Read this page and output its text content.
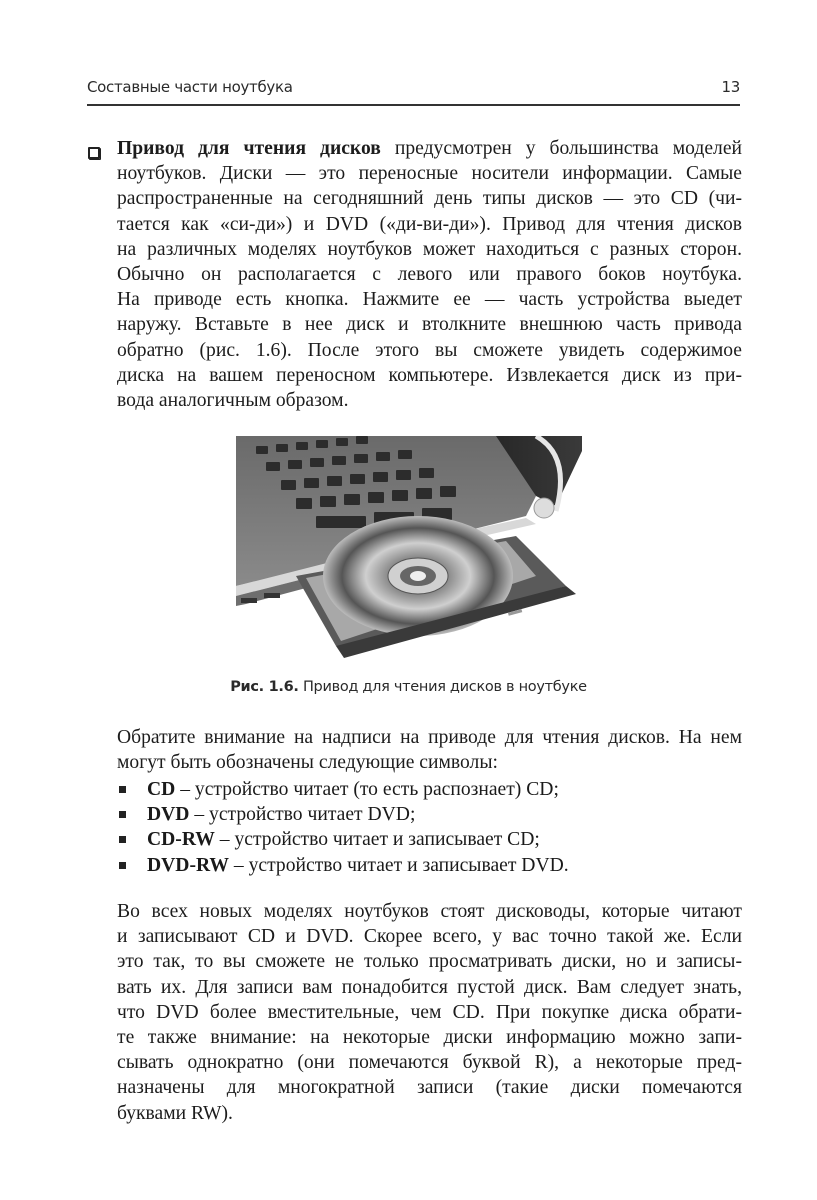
Составные части ноутбука	13
Привод для чтения дисков предусмотрен у большинства моделей
ноутбуков. Диски — это переносные носители информации. Самые
распространенные на сегодняшний день типы дисков — это CD (чи-
тается как «си-ди») и DVD («ди-ви-ди»). Привод для чтения дисков
на различных моделях ноутбуков может находиться с разных сторон.
Обычно он располагается с левого или правого боков ноутбука.
На приводе есть кнопка. Нажмите ее — часть устройства выедет
наружу. Вставьте в нее диск и втолкните внешнюю часть привода
обратно (рис. 1.6). После этого вы сможете увидеть содержимое
диска на вашем переносном компьютере. Извлекается диск из при-
вода аналогичным образом.
Рис. 1.6. Привод для чтения дисков в ноутбуке
Обратите внимание на надписи на приводе для чтения дисков. На нем
могут быть обозначены следующие символы:
CD – устройство читает (то есть распознает) CD;
DVD – устройство читает DVD;
CD-RW – устройство читает и записывает CD;
DVD-RW – устройство читает и записывает DVD.
Во всех новых моделях ноутбуков стоят дисководы, которые читают
и записывают CD и DVD. Скорее всего, у вас точно такой же. Если
это так, то вы сможете не только просматривать диски, но и записы-
вать их. Для записи вам понадобится пустой диск. Вам следует знать,
что DVD более вместительные, чем CD. При покупке диска обрати-
те также внимание: на некоторые диски информацию можно запи-
сывать однократно (они помечаются буквой R), а некоторые пред-
назначены для многократной записи (такие диски помечаются
буквами RW).
